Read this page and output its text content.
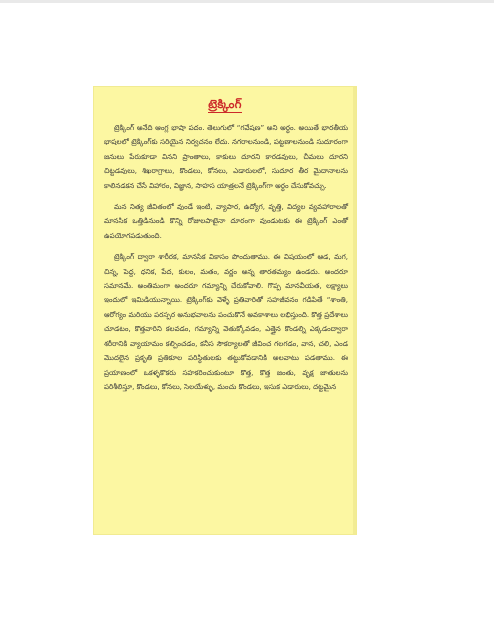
ట్రెక్కింగ్

ట్రెక్కింగ్ అనేది ఆంగ్ల భాషా పదం. తెలుగులో “గవేషణ” అని అర్థం. అయితే భారతీయ భాషలలో ట్రెక్కింగ్‌కు సరియైన నిర్వచనం లేదు. నగరాలనుండి, పట్టణాలనుండి సుదూరంగా జనులు పేరుకూడా వినని ప్రాంతాలు, కాకులు దూరని కారడవులు, చీమలు దూరని చిట్టడవులు, శిఖరాగ్రాలు, కొండలు, కోనలు, ఎడారులలో, సుదూర తీర మైదానాలను కాలినడకన చేసే విహారం, విజ్ఞాన, సాహస యాత్రలనే ట్రెక్కింగ్‌గా అర్థం చేసుకోవచ్చు.

మన నిత్య జీవితంలో వుండే ఇంటి, వ్యాపార, ఉద్యోగ, వృత్తి, విద్యల వ్యవహారాలతో మానసిక ఒత్తిడినుండి కొన్ని రోజులపాటైనా దూరంగా వుండుటకు ఈ ట్రెక్కింగ్ ఎంతో ఉపయోగపడుతుంది.

ట్రెక్కింగ్ ద్వారా శారీరక, మానసిక వికాసం పొందుతాము. ఈ విషయంలో ఆడ, మగ, చిన్న, పెద్ద, ధనిక, పేద, కులం, మతం, వర్ణం అన్న తారతమ్యం ఉండదు. అందరూ సమానమే. అంతిమంగా అందరూ గమ్యాన్ని చేరుకోవాలి. గొప్ప మానవీయత, లక్ష్యాలు ఇందులో ఇమిడియున్నాయి. ట్రెక్కింగ్‌కు వెళ్ళే ప్రతివారితో సహజీవనం గడిపితే “శాంతి, ఆరోగ్యం మరియు పరస్పర అనుభవాలను పంచుకొనే అవకాశాలు లభిస్తుంది. కొత్త ప్రదేశాలు చూడటం, కొత్తవారిని కలవడం, గమ్యాన్ని వెతుక్కోవడం, ఎత్తైన కొండల్ని ఎక్కడంద్వారా శరీరానికి వ్యాయామం కల్పించడం, కనీస సౌకర్యాలతో జీవించ గలగడం, వాన, చలి, ఎండ మొదలైన ప్రకృతి ప్రతికూల పరిస్థితులకు తట్టుకోవడానికి అలవాటు పడతాము. ఈ ప్రయాణంలో ఒకళ్ళకొకరు సహకరించుకుంటూ కొత్త, కొత్త జంతు, వృక్ష జాతులను పరిశీలిస్తూ, కొండలు, కోనలు, సెలయేళ్ళు, మంచు కొండలు, ఇసుక ఎడారులు, దట్టమైన
